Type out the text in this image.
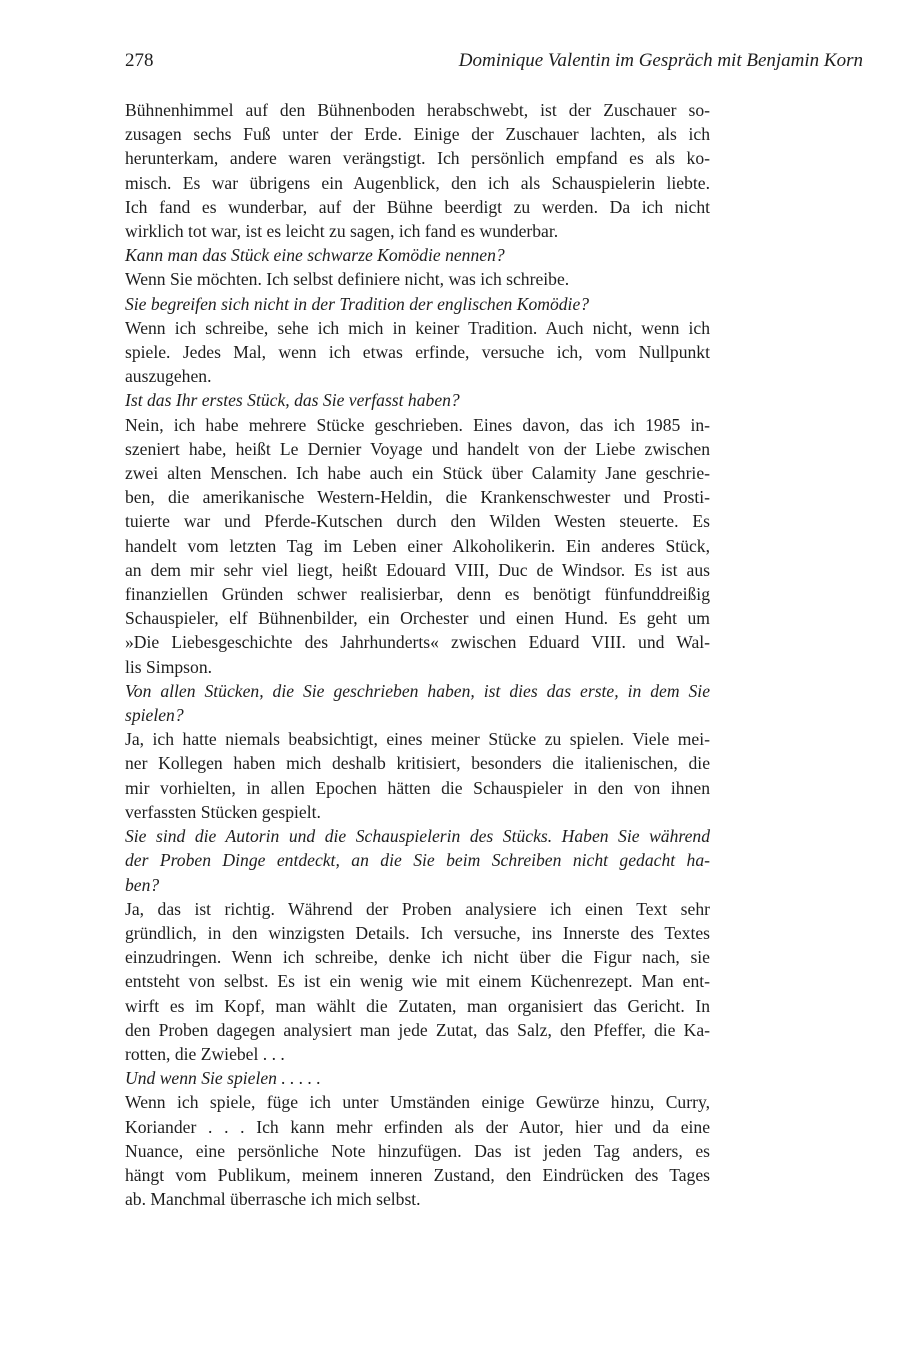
278	Dominique Valentin im Gespräch mit Benjamin Korn
Bühnenhimmel auf den Bühnenboden herabschwebt, ist der Zuschauer so-
zusagen sechs Fuß unter der Erde. Einige der Zuschauer lachten, als ich
herunterkam, andere waren verängstigt. Ich persönlich empfand es als ko-
misch. Es war übrigens ein Augenblick, den ich als Schauspielerin liebte.
Ich fand es wunderbar, auf der Bühne beerdigt zu werden. Da ich nicht
wirklich tot war, ist es leicht zu sagen, ich fand es wunderbar.
Kann man das Stück eine schwarze Komödie nennen?
Wenn Sie möchten. Ich selbst definiere nicht, was ich schreibe.
Sie begreifen sich nicht in der Tradition der englischen Komödie?
Wenn ich schreibe, sehe ich mich in keiner Tradition. Auch nicht, wenn ich
spiele. Jedes Mal, wenn ich etwas erfinde, versuche ich, vom Nullpunkt
auszugehen.
Ist das Ihr erstes Stück, das Sie verfasst haben?
Nein, ich habe mehrere Stücke geschrieben. Eines davon, das ich 1985 in-
szeniert habe, heißt Le Dernier Voyage und handelt von der Liebe zwischen
zwei alten Menschen. Ich habe auch ein Stück über Calamity Jane geschrie-
ben, die amerikanische Western-Heldin, die Krankenschwester und Prosti-
tuierte war und Pferde-Kutschen durch den Wilden Westen steuerte. Es
handelt vom letzten Tag im Leben einer Alkoholikerin. Ein anderes Stück,
an dem mir sehr viel liegt, heißt Edouard VIII, Duc de Windsor. Es ist aus
finanziellen Gründen schwer realisierbar, denn es benötigt fünfunddreißig
Schauspieler, elf Bühnenbilder, ein Orchester und einen Hund. Es geht um
»Die Liebesgeschichte des Jahrhunderts« zwischen Eduard VIII. und Wal-
lis Simpson.
Von allen Stücken, die Sie geschrieben haben, ist dies das erste, in dem Sie
spielen?
Ja, ich hatte niemals beabsichtigt, eines meiner Stücke zu spielen. Viele mei-
ner Kollegen haben mich deshalb kritisiert, besonders die italienischen, die
mir vorhielten, in allen Epochen hätten die Schauspieler in den von ihnen
verfassten Stücken gespielt.
Sie sind die Autorin und die Schauspielerin des Stücks. Haben Sie während
der Proben Dinge entdeckt, an die Sie beim Schreiben nicht gedacht ha-
ben?
Ja, das ist richtig. Während der Proben analysiere ich einen Text sehr
gründlich, in den winzigsten Details. Ich versuche, ins Innerste des Textes
einzudringen. Wenn ich schreibe, denke ich nicht über die Figur nach, sie
entsteht von selbst. Es ist ein wenig wie mit einem Küchenrezept. Man ent-
wirft es im Kopf, man wählt die Zutaten, man organisiert das Gericht. In
den Proben dagegen analysiert man jede Zutat, das Salz, den Pfeffer, die Ka-
rotten, die Zwiebel . . .
Und wenn Sie spielen . . . . .
Wenn ich spiele, füge ich unter Umständen einige Gewürze hinzu, Curry,
Koriander . . . Ich kann mehr erfinden als der Autor, hier und da eine
Nuance, eine persönliche Note hinzufügen. Das ist jeden Tag anders, es
hängt vom Publikum, meinem inneren Zustand, den Eindrücken des Tages
ab. Manchmal überrasche ich mich selbst.
